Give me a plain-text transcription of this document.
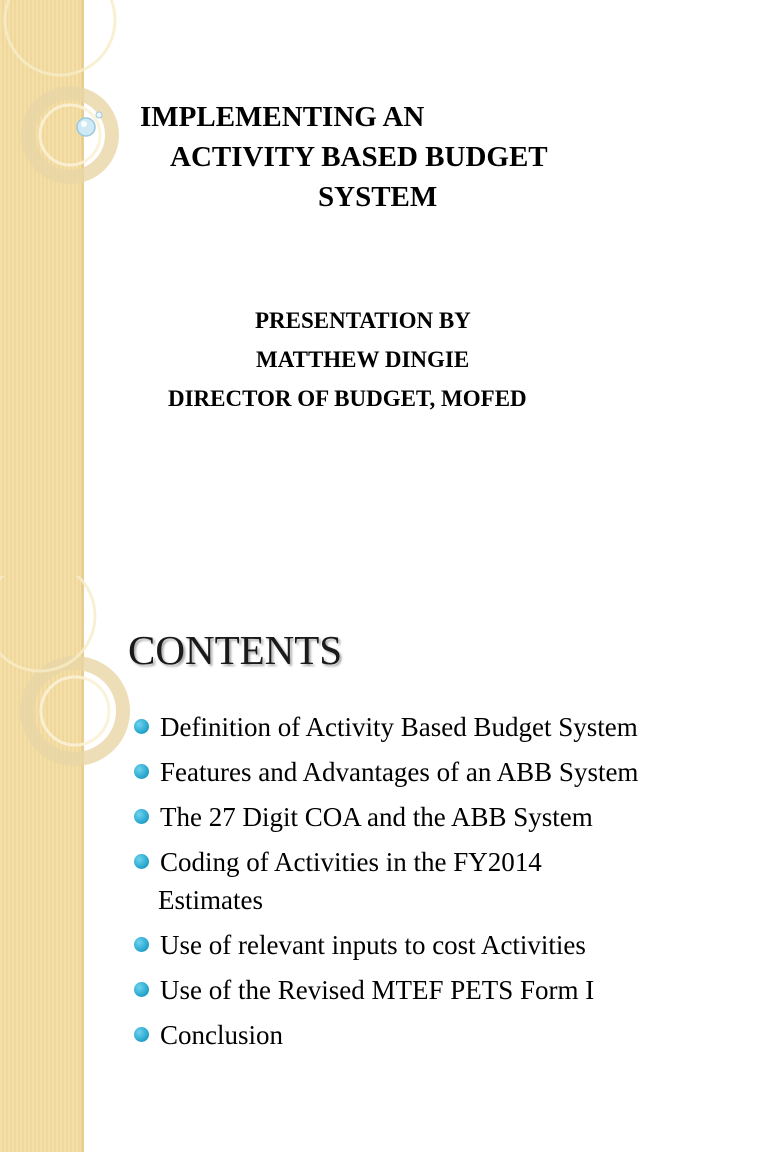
IMPLEMENTING AN
ACTIVITY BASED BUDGET
SYSTEM
PRESENTATION BY
MATTHEW DINGIE
DIRECTOR OF BUDGET, MOFED
CONTENTS
Definition of Activity Based Budget System
Features and Advantages of an ABB System
The 27 Digit COA and the ABB System
Coding of Activities in the FY2014
Estimates
Use of relevant inputs to cost Activities
Use of the Revised MTEF PETS Form I
Conclusion
